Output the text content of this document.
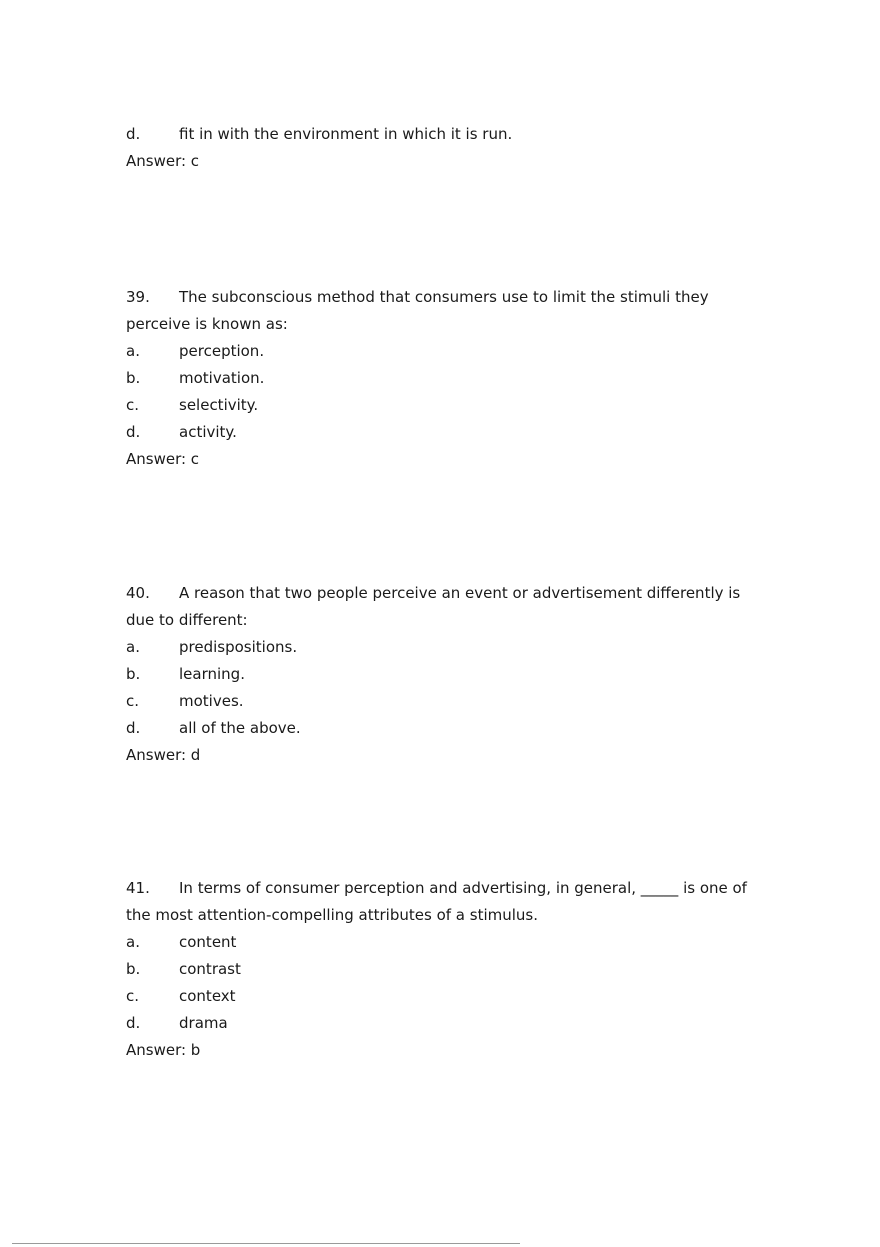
d.	fit in with the environment in which it is run.
Answer: c
39. The subconscious method that consumers use to limit the stimuli they
perceive is known as:
a.	perception.
b.	motivation.
c.	selectivity.
d.	activity.
Answer: c
40. A reason that two people perceive an event or advertisement differently is
due to different:
a.	predispositions.
b.	learning.
c.	motives.
d.	all of the above.
Answer: d
41. In terms of consumer perception and advertising, in general, _____ is one of
the most attention-compelling attributes of a stimulus.
a.	content
b.	contrast
c.	context
d.	drama
Answer: b
